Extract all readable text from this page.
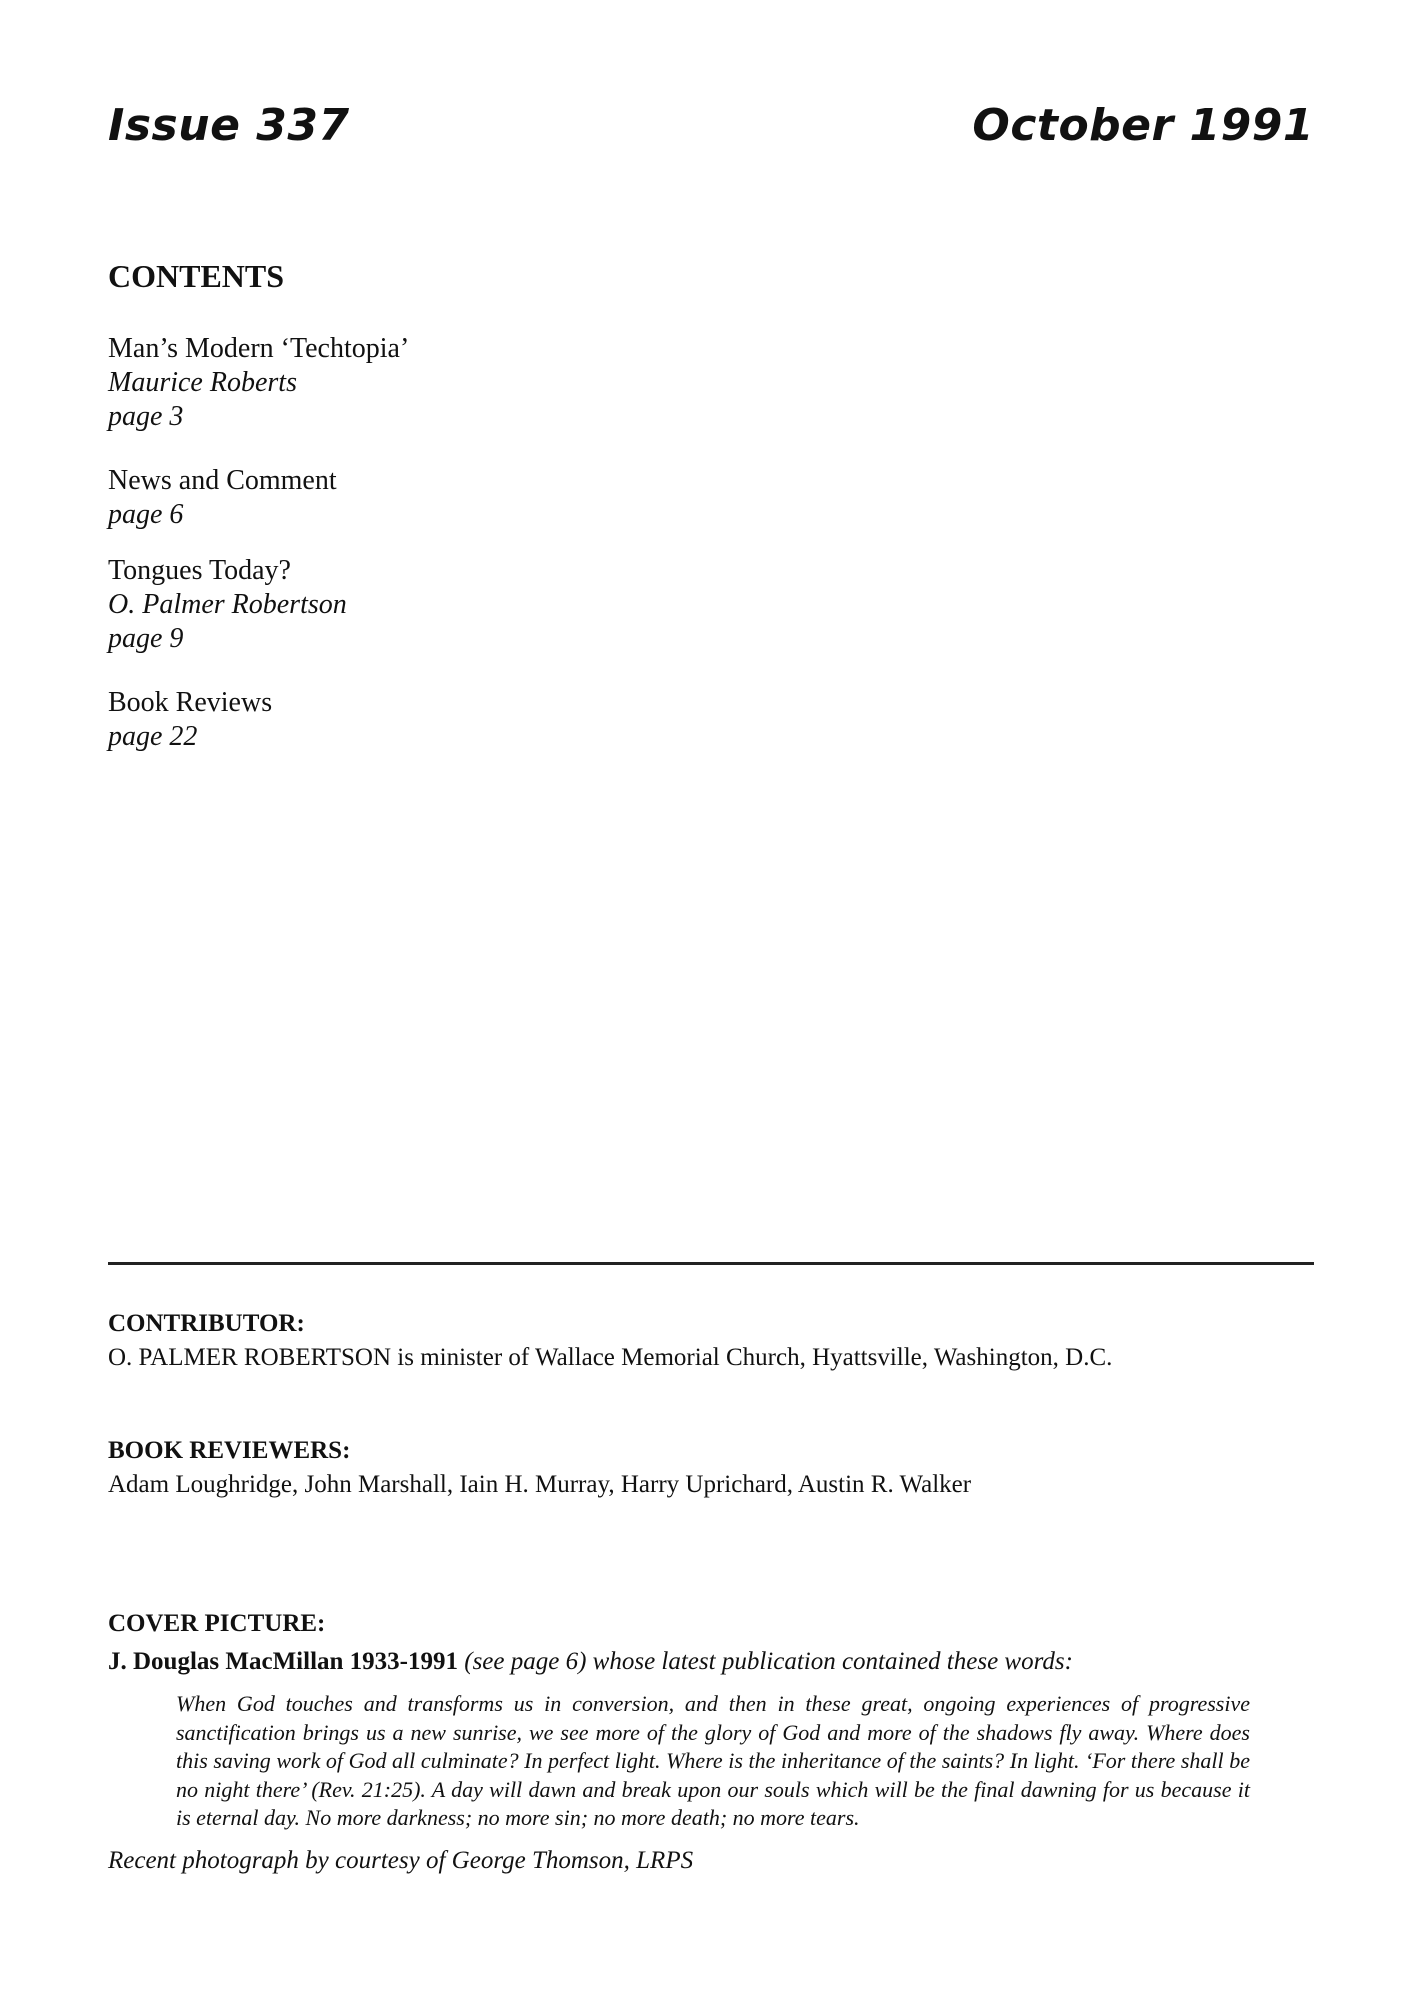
Issue 337	October 1991
CONTENTS
Man’s Modern ‘Techtopia’
Maurice Roberts
page 3
News and Comment
page 6
Tongues Today?
O. Palmer Robertson
page 9
Book Reviews
page 22
CONTRIBUTOR:
O. PALMER ROBERTSON is minister of Wallace Memorial Church, Hyattsville, Washington, D.C.
BOOK REVIEWERS:
Adam Loughridge, John Marshall, Iain H. Murray, Harry Uprichard, Austin R. Walker
COVER PICTURE:
J. Douglas MacMillan 1933-1991 (see page 6) whose latest publication contained these words:
When God touches and transforms us in conversion, and then in these great, ongoing experiences of progressive sanctification brings us a new sunrise, we see more of the glory of God and more of the shadows fly away. Where does this saving work of God all culminate? In perfect light. Where is the inheritance of the saints? In light. ‘For there shall be no night there’ (Rev. 21:25). A day will dawn and break upon our souls which will be the final dawning for us because it is eternal day. No more darkness; no more sin; no more death; no more tears.
Recent photograph by courtesy of George Thomson, LRPS
